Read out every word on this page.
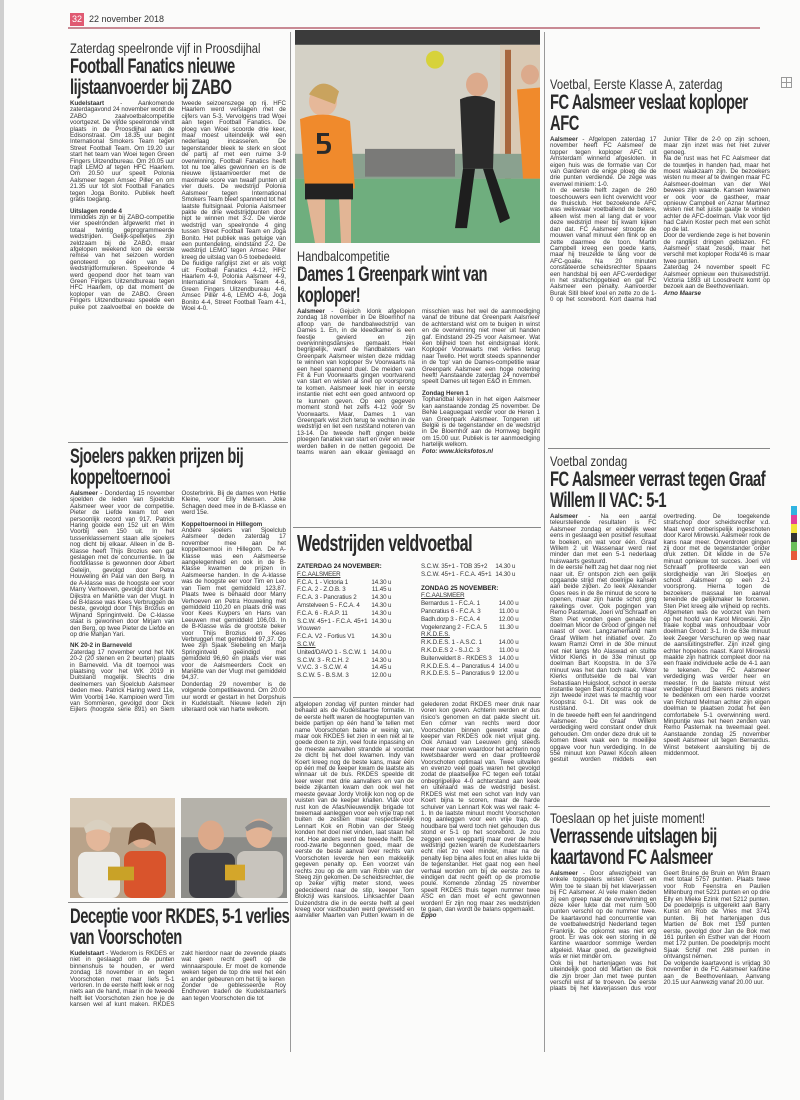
32 22 november 2018
Zaterdag speelronde vijf in Proosdijhal
Football Fanatics nieuwe lijstaanvoerder bij ZABO

Kudelstaart - Aankomende zaterdagavond 24 november wordt de ZABO zaalvoetbalcompetitie voortgezet. De vijfde speelronde vindt plaats in de Proosdijhal aan de Edisonstraat. Om 18.35 uur begint International Smokers Team tegen Street Football Team. Om 19.20 uur start het team van Woei tegen Green Fingers Uitzendbureau. Om 20.05 uur trapt LEMO af tegen HFC Haarlem. Om 20.50 uur speelt Polonia Aalsmeer tegen Amsec Piller en om 21.35 uur tot slot Football Fanatics tegen Joga Bonito. Publiek heeft gratis toegang.

Uitslagen ronde 4

Inmiddels zijn er bij ZABO-competitie vier speelronden afgewerkt met in totaal twintig geprogrammeerde wedstrijden. Gelijk-spelletjes zijn zeldzaam bij de ZABO, maar afgelopen weekend kon de eerste remise van het seizoen worden genoteerd op één van de wedstrijdformulieren. Speelronde 4 werd geopend door het team van Green Fingers Uitzendbureau tegen HFC Haarlem, op dat moment de koploper van de ZABO. Green Fingers Uitzendbureau speelde een puike pot zaalvoetbal en boekte de tweede seizoenszege op rij. HFC Haarlem werd verslagen met de cijfers van 5-3. Vervolgens trad Woei aan tegen Football Fanatics. De ploeg van Woei scoorde drie keer, maar moest uiteindelijk wél een nederlaag incasseren. De tegenstander bleek te sterk en sloot de partij af met een ruime 3-9 overwinning. Football Fanatics heeft tot nu toe alles gewonnen en is de nieuwe lijstaanvoerder met de maximale score van twaalf punten uit vier duels. De wedstrijd Polonia Aalsmeer tegen International Smokers Team bleef spannend tot het laatste fluitsignaal. Polonia Aalsmeer pakte de drie wedstrijdpunten door nipt te winnen met 3-2. De vierde wedstrijd van speelronde 4 ging tussen Street Football Team en Joga Bonito. Het publiek was getuige van een puntendeling, eindstand 2-2. De wedstrijd LEMO tegen Amsec Piller kreeg de uitslag van 0-5 toebedeeld.

De huidige ranglijst ziet er als volgt uit: Football Fanatics 4-12, HFC Haarlem 4-9, Polonia Aalsmeer 4-9, International Smokers Team 4-6, Green Fingers Uitzendbureau 4-6, Amsec Piller 4-6, LEMO 4-6, Joga Bonito 4-4, Street Football Team 4-1, Woei 4-0.

Sjoelers pakken prijzen bij koppeltoernooi

Aalsmeer - Donderdag 15 november sjoelden de leden van Sjoelclub Aalsmeer weer voor de competitie. Pieter de Liefde kwam tot een persoonlijk record van 917. Patrick Haring gooide een 152 uit en Wim Voorbij een 150 uit. In het tussenklassement staan alle sjoelers nog dicht bij elkaar. Alleen in de B-Klasse heeft Thijs Brozius een gat geslagen met de concurrentie. In de hoofdklasse is gewonnen door Albert Geleijn, gevolgd door Petra Houweling en Paul van den Berg. In de A-klasse was de hoogste eer voor Marry Verhoeven, gevolgd door Karin Dijkstra en Mariëtte van der Vlugt. In de B-klasse was Kees Verbruggen de beste, gevolgd door Thijs Brozius en Wijnand Springintveld. De C-klasse staat is gewonnen door Mirjam van den Berg, op twee Pieter de Liefde en op drie Mahjan Yari.

NK 20-2 in Barneveld

Zaterdag 17 november vond het NK 20-2 (20 stenen en 2 beurten) plaats in Barneveld. Via dit toernooi was plaatsing voor het WK 2019 in Duitsland mogelijk. Slechts drie deelnemers van Sjoelclub Aalsmeer deden mee. Patrick Haring werd 11e, Wim Voorbij 14e. Kampioen werd Tim van Sommeren, gevolgd door Dick Eijlers (hoogste serie 891) en Siem Oosterbrink. Bij de dames won Hettie Kleine, voor Elly Mensen. Joke Schagen deed mee in de B-Klasse en werd 15e.

Koppeltoernooi in Hillegom

Andere sjoelers van Sjoelclub Aalsmeer deden zaterdag 17 november mee aan het koppeltoernooi in Hillegom. De A-Klasse was een Aalsmeerse aangelegenheid en ook in de B-Klasse kwamen de prijzen in Aalsmeerse handen. In de A-klasse was de hoogste eer voor Tim en Leo van Tiem met gemiddeld 123,87. Plaats twee is behaald door Marry Verhoeven en Petra Houweling met gemiddeld 110,20 en plaats drie was voor Kees Kuypers en Hans van Leeuwen met gemiddeld 106,03. In de B-Klasse was de grootste beker voor Thijs Brozius en Kees Verbruggen met gemiddeld 97,37. Op twee zijn Sjaak Siebeling en Marja Springintveld geëindigd met gemiddeld 96,60 en plaats vier was voor de Aalsmeerders Cock en Mariëtte van der Vlugt met gemiddeld 94,37.

Donderdag 29 november is de volgende competitieavond. Om 20.00 uur wordt er gestart in het Dorpshuis in Kudelstaart. Nieuwe leden zijn uiteraard ook van harte welkom.

Deceptie voor RKDES, 5-1 verlies van Voorschoten

Kudelstaart - Wederom is RKDES er niet in geslaagd om de punten binnenshuis te houden, er werd zondag 18 november in en tegen Voorschoten met maar liefs 5-1 verloren. In de eerste helft leek er nog niets aan de hand, maar in de tweede helft liet Voorschoten zien hoe je de kansen wel af kunt maken. RKDES zakt hierdoor naar de zevende plaats wat geen recht geeft op de winnaarspoule. Er moet de komende weken tegen de top drie wel het één en ander gebeuren om het tij te keren

Zonder de geblesseerde Roy Endhoven traden de Kudelstaarters aan tegen Voorschoten die tot

afgelopen zondag vijf punten minder had behaald als de Kudelstaartse formatie. In de eerste helft waren de hoogtepunten van beide partijen op één hand te tellen met name Voorschoten bakte er weinig van, maar ook RKDES liet zien in een niet al te goede doen te zijn, veel foute inpassing en de meeste aanvallen strandde al voordat ze dicht bij het doel kwamen. Indy van Koert kreeg nog de beste kans, maar één op één met de keeper kwam de laatste als winnaar uit de bus. RKDES speelde dit keer weer met drie aanvallers en van de beide zijkanten kwam den ook wel het meeste gevaar Jordy Vrolijk kon nog op de vuisten van de keeper knallen. Vlak voor rust kon de Afas/Nieuwendijk brigade tot tweemaal aanleggen voor een vrije trap net buiten de zestien maar respectievelijk Lennart Kok en Robin van der Steeg konden het doel niet vinden, laat staan het net. Hoe anders werd de tweede helft. De rood-zwarte begonnen goed, maar de eerste de beste aanval over rechts van Voorschoten leverde hen een makkelijk gegeven penalty op. Een voorzet van rechts zou op de arm van Robin van der Steeg zijn gekomen. De scheidsrechter, die op zeker vijftig meter stond, wees gedecideerd naar de stip, keeper Tom Blokzijl was kansloos. Linksachter Daan Duizendstra die in de eerste helft al geel kreeg voor vasthouden werd gewisseld en aanvaller Maarten van Putten kwam in de gelederen zodat RKDES meer druk naar voren kon geven. Achterin werden er dus risico's genomen en dat pakte slecht uit. Een corner van rechts werd door Voorschoten binnen gewerkt waar de keeper van RKDES ook niet vrijuit ging. Ook Arnaud van Leeuwen ging steeds meer naar voren waardoor het achterin nog kwetsbaarder werd en daar profiteerde Voorschoten optimaal van. Twee uitvallen en evenzo veel goals waren het gevolgd zodat de plaatselijke FC tegen een totaal onbegrijpelijke 4-0 achterstand aan keek en uiteraard was de wedstrijd beslist. RKDES wist met een schot van Indy van Koert bijna te scoren, maar de harde schuiver van Lennart Kok was wel raak: 4-1. In de laatste minuut mocht Voorschoten nog aanleggen voor een vrije trap, de houdbare bal werd toch niet gehouden dus stond er 5-1 op het scorebord. Je zou zeggen een veegpartij maar over de hele wedstrijd gezien waren de Kudelstaarters echt niet zo veel minder, maar na de penalty liep bijna alles fout en alles lukte bij de tegenstander. Het gaat nog een heel verhaal worden om bij de eerste zes te eindigen dat recht geeft op de promotie poule. Komende zondag 25 november speelt RKDES thuis tegen nummer twee ASC en dan moet er echt gewonnen worden! Er zijn nog maar zes wedstrijden te gaan, dan wordt de balans opgemaakt.

Eppo

Handbalcompetitie
Dames 1 Greenpark wint van koploper!

Aalsmeer - Gejuich klonk afgelopen zondag 18 november in De Bloemhof na afloop van de handbalwedstrijd van Dames 1. En, in de kleedkamer is een feestje gevierd en zijn overwinningsdansjes gemaakt. Heel begrijpelijk, want de handbalsters van Greenpark Aalsmeer wisten deze middag te winnen van koploper Sv Voorwaarts na een heel spannend duel. De meiden van Fit & Fun Voorwaarts gingen voortvarend van start en wisten al snel op voorsprong te komen. Aalsmeer leek hier in eerste instantie niet echt een goed antwoord op te kunnen geven. Op een gegeven moment stond het zelfs 4-12 voor Sv Voorwaarts. Maar, Dames 1 van Greenpark wist zich terug te vechten in de wedstrijd en liet een ruststand noteren van 13-14. De tweede helft gingen beide ploegen fanatiek van start en over en weer werden ballen in de netten gegooid. De teams waren aan elkaar gewaagd en misschien was het wel de aanmoediging vanaf de tribune dat Greenpark Aalsmeer de achterstand wist om te buigen in winst en de overwinning niet meer uit handen gaf. Eindstand 29-25 voor Aalsmeer. Wat een blijheid toen het eindsignaal klonk. Koploper Voorwaarts met verlies terug naar Twello. Het wordt steeds spannender in de 'top' van de Dames-competitie waar Greenpark Aalsmeer een hoge notering heeft! Aanstaande zaterdag 24 november speelt Dames uit tegen E&O in Emmen.

Zondag Heren 1

Tophandbal kijken in het eigen Aalsmeer kan aanstaande zondag 25 november. De BeNe Leaguegaat verder voor de Heren 1 van Greenpark Aalsmeer. Tongeren uit België is de tegenstander en de wedstrijd in De Bloemhof aan de Hornweg begint om 15.00 uur. Publiek is ter aanmoediging hartelijk welkom.

Foto: www.kicksfotos.nl

Wedstrijden veldvoetbal
ZATERDAG 24 NOVEMBER:
F.C.AALSMEER	
F.C.A. 1 - Victoria 1	14.30 u
F.C.A. 2 - Z.O.B. 3	11.45 u
F.C.A. 3 - Pancratius 2	14.30 u
Amstelveen 5 - F.C.A. 4	14.30 u
F.C.A. 6 - R.A.P. 11	14.30 u
S.C.W. 45+1 - F.C.A. 45+1	14.30 u
Vrouwen	
F.C.A. V2 - Fortius V1	14.30 u
S.C.W.	
United/DAVO 1 - S.C.W. 1	14.00 u
S.C.W. 3 - R.C.H. 2	14.30 u
V.V.C. 3 - S.C.W. 4	14.45 u
S.C.W. 5 - B.S.M. 3	12.00 u
S.C.W. 35+1 - TOB 35+2	14.30 u
S.C.W. 45+1 - F.C.A. 45+1	14.30 u
ZONDAG 25 NOVEMBER:
F.C.AALSMEER	
Bernardus 1 - F.C.A. 1	14.00 u
Pancratius 6 - F.C.A. 3	11.00 u
Badh.dorp 3 - F.C.A. 4	12.00 u
Vogelenzang 2 - F.C.A. 5	11.30 u
R.K.D.E.S.	
R.K.D.E.S. 1 - A.S.C. 1	14.00 u
R.K.D.E.S 2 - S.J.C. 3	11.00 u
Buitenveldert 8 - RKDES 3	14.00 u
R.K.D.E.S. 4 – Pancratius 4	14.00 u
R.K.D.E.S. 5 – Pancratius 9	12.00 u
Voetbal, Eerste Klasse A, zaterdag
FC Aalsmeer veslaat koploper AFC

Aalsmeer - Afgelopen zaterdag 17 november heeft FC Aalsmeer de topper tegen koploper AFC uit Amsterdam winnend afgesloten. In eigen huis was de formatie van Cor van Garderen de enige ploeg die de drie punten verdiende. De zege was evenwel miniem: 1-0.

In de eerste helft zagen de 260 toeschouwers een licht overwicht voor de thuisclub. Het bezoekende AFC was weliswaar voetballend de betere, alleen wist men al lang dat er voor deze wedstrijd meer bij kwam kijken dan dat. FC Aalsmeer stroopte de mouwen vanaf minuut één flink op en zette daarmee de toon. Martin Campbell kreeg een goede kans, maar hij treuzelde te lang voor de AFC-goalie. Na 20 minuten constateerde scheidsrechter Spaans een handsbal bij een AFC-verdediger in het strafschopgebied en gaf FC Aalsmeer een penalty. Aanvoerder Burak Sitil bleef koel en zette zo de 1-0 op het scorebord. Kort daarna had Junior Tiller de 2-0 op zijn schoen, maar zijn inzet was net niet zuiver genoeg.

Na de rust was het FC Aalsmeer dat de touwtjes in handen had, maar het moest waakzaam zijn. De bezoekers wisten nu meer af te dwingen maar FC Aalsmeer-doelman van der Wel bewees zijn waarde. Kansen kwamen er ook voor de gastheer, maar opnieuw Campbell en Aznar Martinez wisten niet het juiste gaatje te vinden achter de AFC-doelman. Vlak voor tijd had Calvin Koster pech met een schot op de lat.

Door de verdiende zege is het bovenin de ranglijst dringen geblazen. FC Aalsmeer staat zesde, maar het verschil met koploper Roda'46 is maar twee punten.

Zaterdag 24 november speelt FC Aalsmeer opnieuw een thuiswedstrijd. Victoria 1893 uit Loosdrecht komt op bezoek aan de Beethovenlaan.

Arno Maarse

Voetbal zondag
FC Aalsmeer verrast tegen Graaf Willem II VAC: 5-1

Aalsmeer - Na een aantal teleurstellende resultaten is FC Aalsmeer zondag er eindelijk weer eens in geslaagd een positief resultaat te boeken, en wat voor één. Graaf Willem 2 uit Wassenaar werd niet minder dan met een 5-1 nederlaag huiswaarts gestuurd.

In de eerste helft zag het daar nog niet naar uit. Er ontspon zich een gelijk opgaande strijd met doelrijpe kansen aan beide zijden. Zo leek Alexander Goes rees in de 8e minuut de score te openen, maar zijn harde schot ging rakelings over. Ook pogingen van Remo Pasternak, Joeri v/d Schraaff en Sten Piet vonden geen genade bij doelman Micor de Grood of gingen net naast of over. Langzamerhand nam Graaf Willem het initiatief over. Zo kwam Ramzi Omri in de 30e minuut net niet langs Mo Alaswad en stuitte Viktor Klerks in de 33e minuut op doelman Bart Koopstra. In de 37e minuut was het dan toch raak. Viktor Klerks ontfutselde de bal van Sebastiaan Huigsloot, schoot in eerste instantie tegen Bart Koopstra op maar zijn tweede inzet was te machtig voor Koopstra: 0-1. Dit was ook de ruststand.

In de tweede helft een fel aandringend Aalsmeer. De Graaf Willem verdediging werd constant onder druk gehouden. Om onder deze druk uit te komen bleek vaak een te moeilijke opgave voor hun verdediging. In de 55e minuut kon Pawel Kocon alleen gestuit worden middels een overtreding. De toegekende strafschop door scheidsrechter v.d. Maat werd onberispelijk ingeschoten door Karol Mirowski. Aalsmeer rook de kans naar meer. Onverdroten gingen zij door met de tegenstander onder druk zetten. Dit leidde in de 57e minuut opnieuw tot succes. Joeri v/d Schraaff profiteerde van een slordigheidje van Jiri Sloetjes en schoot Aalsmeer op een 2-1 voorsprong. Hierna togen de bezoekers massaal ten aanval teneinde de gelijkmaker te forceren. Sten Piet kreeg alle vrijheid op rechts. Afgemeten was de voorzet van hem op het hoofd van Karol Mirowski. Zijn fraaie kopbal was onhoudbaar voor doelman Grood: 3-1. In de 63e minuut leek Zeeger Verschuren op weg naar de aansluitingstreffer. Zijn inzet ging echter hopeloos naast. Karol Mirowski maakte zijn hattrick compleet door na een fraaie individuele actie de 4-1 aan te tekenen. De FC Aalsmeer verdediging was verder heer en meester. In de laatste minuut wist verdediger Ruud Bierens niets anders te bedenken om een harde voorzet van Richard Melman achter zijn eigen doelman te plaatsen zodat het een comfortabele 5-1 overwinning werd. Minpuntje was het heen zenden van Remo Pasternak na tweemaal geel. Aanstaande zondag 25 november speelt Aalsmeer uit tegen Bernardus. Winst betekent aansluiting bij de middenmoot.

Toeslaan op het juiste moment!
Verrassende uitslagen bij kaartavond FC Aalsmeer

Aalsmeer - Door afwezigheid van enkele topspelers wisten Geert en Wim toe te slaan bij het klaverjassen bij FC Aalsmeer. Al vele malen deden zij een greep naar de overwinning en deze keer lukte dat met ruim 500 punten verschil op de nummer twee. De kaartavond had concurrentie van de voetbalwedstrijd Nederland tegen Frankrijk. De opkomst was niet erg groot. Er was ook een storing in de kantine waardoor sommige werden afgeleid. Maar goed, de gezelligheid was er niet minder om.

Ook bij het hartenjagen was het uiteindelijk good old Martien de Bok die zijn broer Jan met twee punten verschil wist af te troeven. De eerste plaats bij het klaverjassen dus voor Geert Bruine de Bruin en Wim Braam met totaal 5757 punten. Plaats twee voor Rob Feenstra en Paulien Miltenburg met 5221 punten en op drie Elly en Mieke Ezink met 5212 punten. De poedelprijs is uitgereikt aan Barry Kunst en Rob de Vries met 3741 punten. Bij het hartenjagen dus Martien de Bok met 159 punten eerste, gevolgd door Jan de Bok met 161 punten en Esther van der Hoorn met 172 punten. De poedelprijs mocht Sjaak Schijf met 298 punten in ontvangst nemen.

De volgende kaartavond is vrijdag 30 november in de FC Aalsmeer kantine aan de Beethovenlaan. Aanvang 20.15 uur Aanwezig vanaf 20.00 uur.
